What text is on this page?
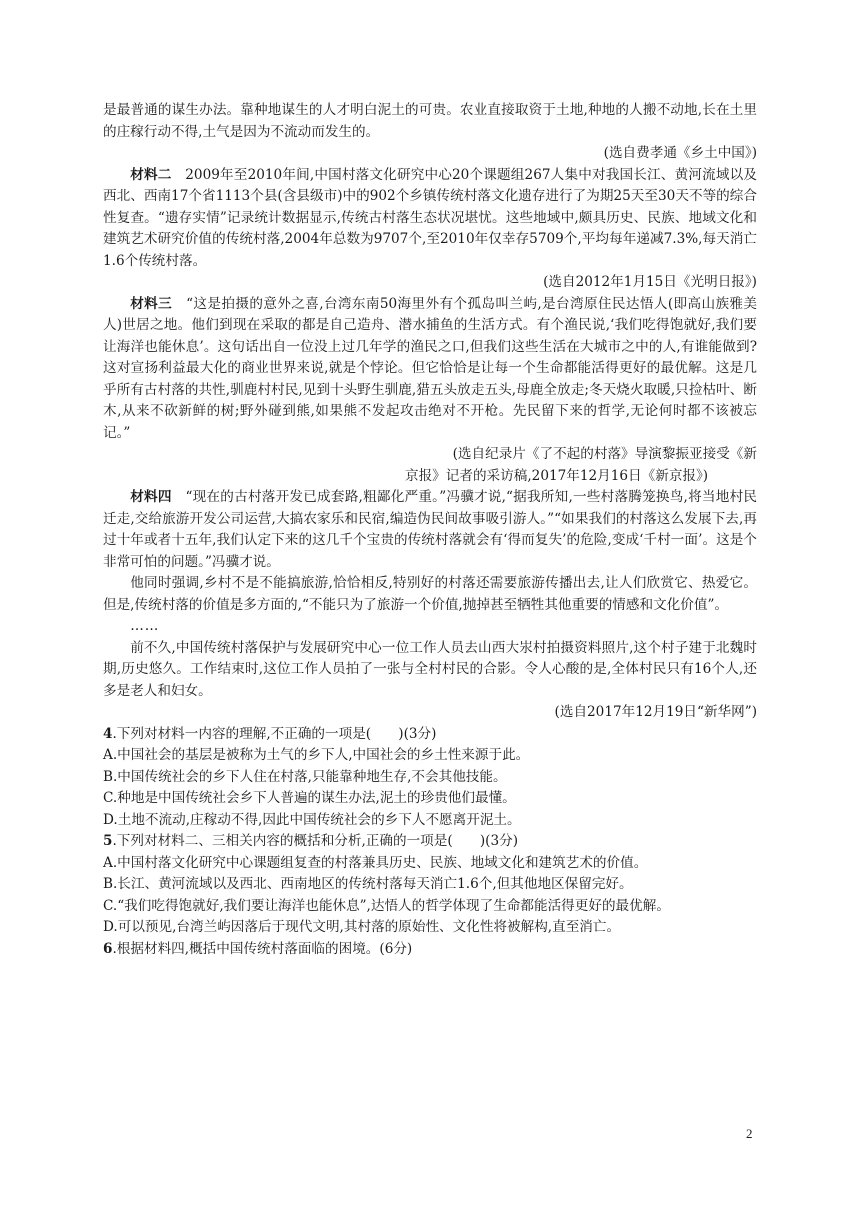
是最普通的谋生办法。靠种地谋生的人才明白泥土的可贵。农业直接取资于土地,种地的人搬不动地,长在土里的庄稼行动不得,土气是因为不流动而发生的。

(选自费孝通《乡土中国》)

材料二　2009年至2010年间,中国村落文化研究中心20个课题组267人集中对我国长江、黄河流域以及西北、西南17个省1113个县(含县级市)中的902个乡镇传统村落文化遗存进行了为期25天至30天不等的综合性复查。“遗存实情”记录统计数据显示,传统古村落生态状况堪忧。这些地域中,颇具历史、民族、地域文化和建筑艺术研究价值的传统村落,2004年总数为9707个,至2010年仅幸存5709个,平均每年递减7.3%,每天消亡1.6个传统村落。

(选自2012年1月15日《光明日报》)

材料三　“这是拍摄的意外之喜,台湾东南50海里外有个孤岛叫兰屿,是台湾原住民达悟人(即高山族雅美人)世居之地。他们到现在采取的都是自己造舟、潜水捕鱼的生活方式。有个渔民说,‘我们吃得饱就好,我们要让海洋也能休息’。这句话出自一位没上过几年学的渔民之口,但我们这些生活在大城市之中的人,有谁能做到?这对宣扬利益最大化的商业世界来说,就是个悖论。但它恰恰是让每一个生命都能活得更好的最优解。这是几乎所有古村落的共性,驯鹿村村民,见到十头野生驯鹿,猎五头放走五头,母鹿全放走;冬天烧火取暖,只捡枯叶、断木,从来不砍新鲜的树;野外碰到熊,如果熊不发起攻击绝对不开枪。先民留下来的哲学,无论何时都不该被忘记。”

(选自纪录片《了不起的村落》导演黎振亚接受《新

京报》记者的采访稿,2017年12月16日《新京报》)

材料四　“现在的古村落开发已成套路,粗鄙化严重。”冯骥才说,“据我所知,一些村落腾笼换鸟,将当地村民迁走,交给旅游开发公司运营,大搞农家乐和民宿,编造伪民间故事吸引游人。”“如果我们的村落这么发展下去,再过十年或者十五年,我们认定下来的这几千个宝贵的传统村落就会有‘得而复失’的危险,变成‘千村一面’。这是个非常可怕的问题。”冯骥才说。

他同时强调,乡村不是不能搞旅游,恰恰相反,特别好的村落还需要旅游传播出去,让人们欣赏它、热爱它。但是,传统村落的价值是多方面的,“不能只为了旅游一个价值,抛掉甚至牺牲其他重要的情感和文化价值”。

……

前不久,中国传统村落保护与发展研究中心一位工作人员去山西大汖村拍摄资料照片,这个村子建于北魏时期,历史悠久。工作结束时,这位工作人员拍了一张与全村村民的合影。令人心酸的是,全体村民只有16个人,还多是老人和妇女。

(选自2017年12月19日“新华网”)

4.下列对材料一内容的理解,不正确的一项是(　　)(3分)

A.中国社会的基层是被称为土气的乡下人,中国社会的乡土性来源于此。

B.中国传统社会的乡下人住在村落,只能靠种地生存,不会其他技能。

C.种地是中国传统社会乡下人普遍的谋生办法,泥土的珍贵他们最懂。

D.土地不流动,庄稼动不得,因此中国传统社会的乡下人不愿离开泥土。

5.下列对材料二、三相关内容的概括和分析,正确的一项是(　　)(3分)

A.中国村落文化研究中心课题组复查的村落兼具历史、民族、地域文化和建筑艺术的价值。

B.长江、黄河流域以及西北、西南地区的传统村落每天消亡1.6个,但其他地区保留完好。

C.“我们吃得饱就好,我们要让海洋也能休息”,达悟人的哲学体现了生命都能活得更好的最优解。

D.可以预见,台湾兰屿因落后于现代文明,其村落的原始性、文化性将被解构,直至消亡。

6.根据材料四,概括中国传统村落面临的困境。(6分)

2
